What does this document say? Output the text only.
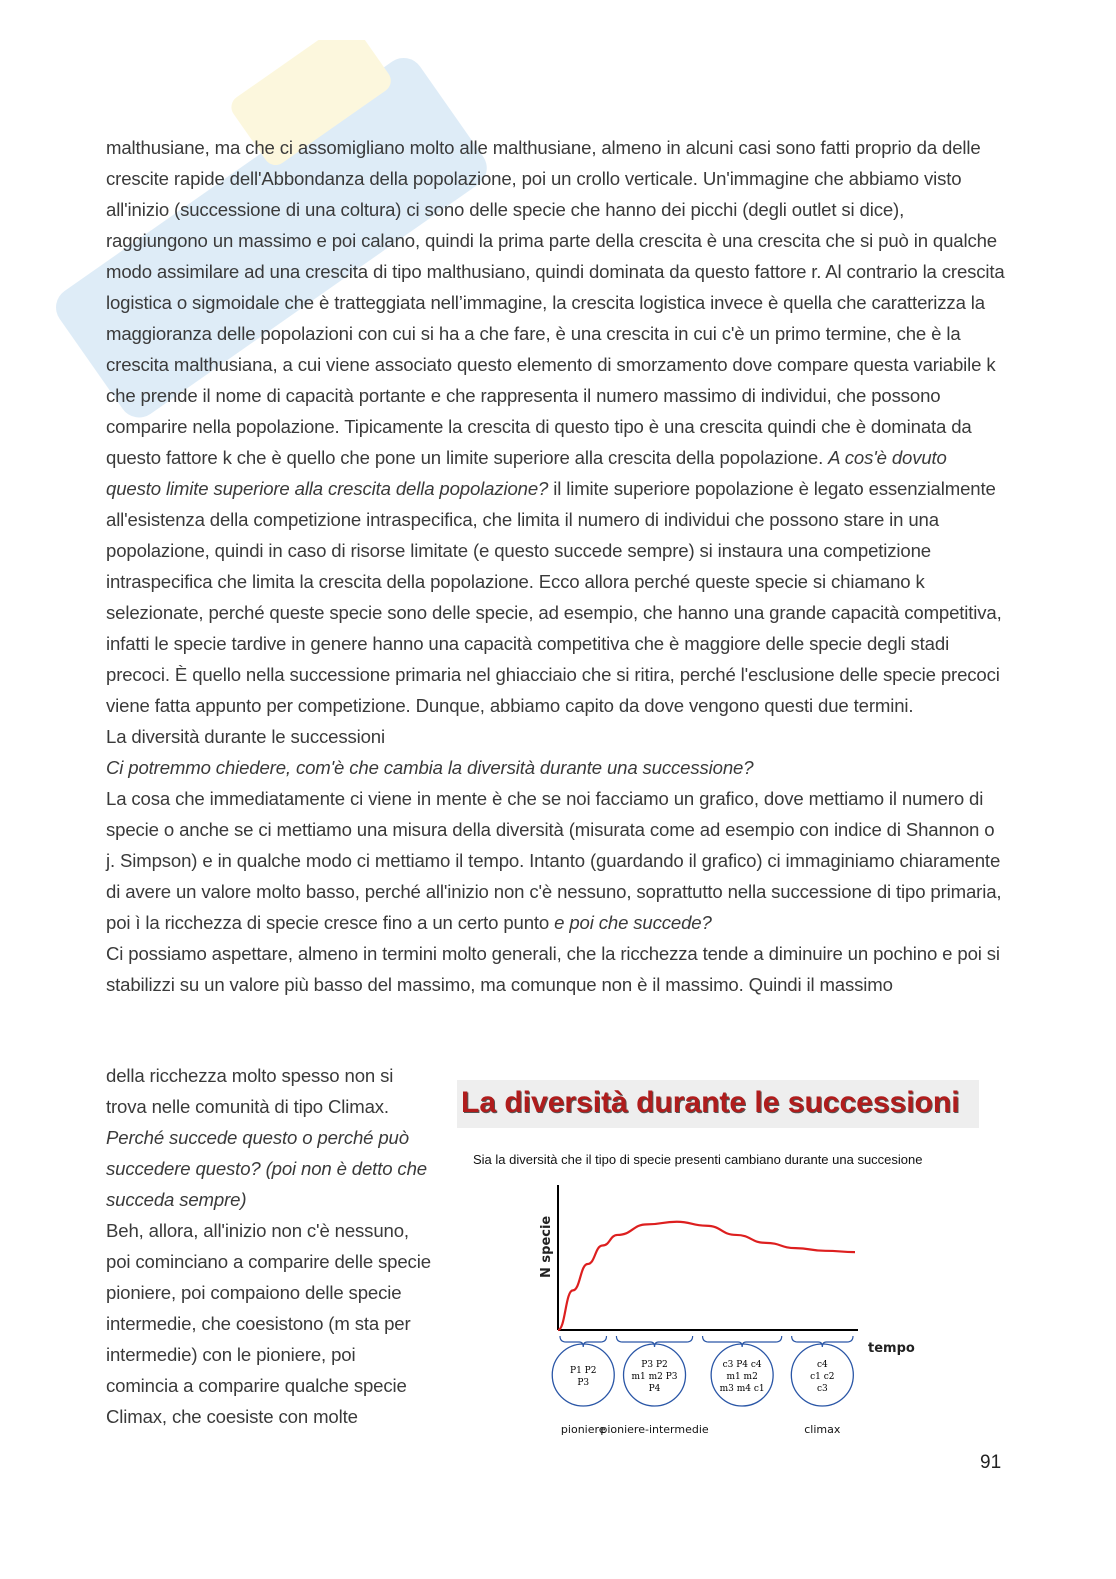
malthusiane, ma che ci assomigliano molto alle malthusiane, almeno in alcuni casi sono fatti proprio da delle crescite rapide dell'Abbondanza della popolazione, poi un crollo verticale. Un'immagine che abbiamo visto all'inizio (successione di una coltura) ci sono delle specie che hanno dei picchi (degli outlet si dice), raggiungono un massimo e poi calano, quindi la prima parte della crescita è una crescita che si può in qualche modo assimilare ad una crescita di tipo malthusiano, quindi dominata da questo fattore r. Al contrario la crescita logistica o sigmoidale che è tratteggiata nell’immagine, la crescita logistica invece è quella che caratterizza la maggioranza delle popolazioni con cui si ha a che fare, è una crescita in cui c'è un primo termine, che è la crescita malthusiana, a cui viene associato questo elemento di smorzamento dove compare questa variabile k che prende il nome di capacità portante e che rappresenta il numero massimo di individui, che possono comparire nella popolazione. Tipicamente la crescita di questo tipo è una crescita quindi che è dominata da questo fattore k che è quello che pone un limite superiore alla crescita della popolazione. A cos'è dovuto questo limite superiore alla crescita della popolazione? il limite superiore popolazione è legato essenzialmente all'esistenza della competizione intraspecifica, che limita il numero di individui che possono stare in una popolazione, quindi in caso di risorse limitate (e questo succede sempre) si instaura una competizione intraspecifica che limita la crescita della popolazione. Ecco allora perché queste specie si chiamano k selezionate, perché queste specie sono delle specie, ad esempio, che hanno una grande capacità competitiva, infatti le specie tardive in genere hanno una capacità competitiva che è maggiore delle specie degli stadi precoci. È quello nella successione primaria nel ghiacciaio che si ritira, perché l'esclusione delle specie precoci viene fatta appunto per competizione. Dunque, abbiamo capito da dove vengono questi due termini.

La diversità durante le successioni

Ci potremmo chiedere, com'è che cambia la diversità durante una successione?

La cosa che immediatamente ci viene in mente è che se noi facciamo un grafico, dove mettiamo il numero di specie o anche se ci mettiamo una misura della diversità (misurata come ad esempio con indice di Shannon o j. Simpson) e in qualche modo ci mettiamo il tempo. Intanto (guardando il grafico) ci immaginiamo chiaramente di avere un valore molto basso, perché all'inizio non c'è nessuno, soprattutto nella successione di tipo primaria, poi ì la ricchezza di specie cresce fino a un certo punto e poi che succede?

Ci possiamo aspettare, almeno in termini molto generali, che la ricchezza tende a diminuire un pochino e poi si stabilizzi su un valore più basso del massimo, ma comunque non è il massimo. Quindi il massimo

della ricchezza molto spesso non si trova nelle comunità di tipo Climax. Perché succede questo o perché può succedere questo? (poi non è detto che succeda sempre)

Beh, allora, all'inizio non c'è nessuno, poi cominciano a comparire delle specie pioniere, poi compaiono delle specie intermedie, che coesistono (m sta per intermedie) con le pioniere, poi comincia a comparire qualche specie Climax, che coesiste con molte

La diversità durante le successioni
Sia la diversità che il tipo di specie presenti cambiano durante una succesione
N specie
tempo
P1 P2
P3
pioniere
P3 P2
m1 m2 P3
P4
pioniere-intermedie
c3 P4 c4
m1 m2
m3 m4 c1
c4
c1 c2
c3
climax
91
